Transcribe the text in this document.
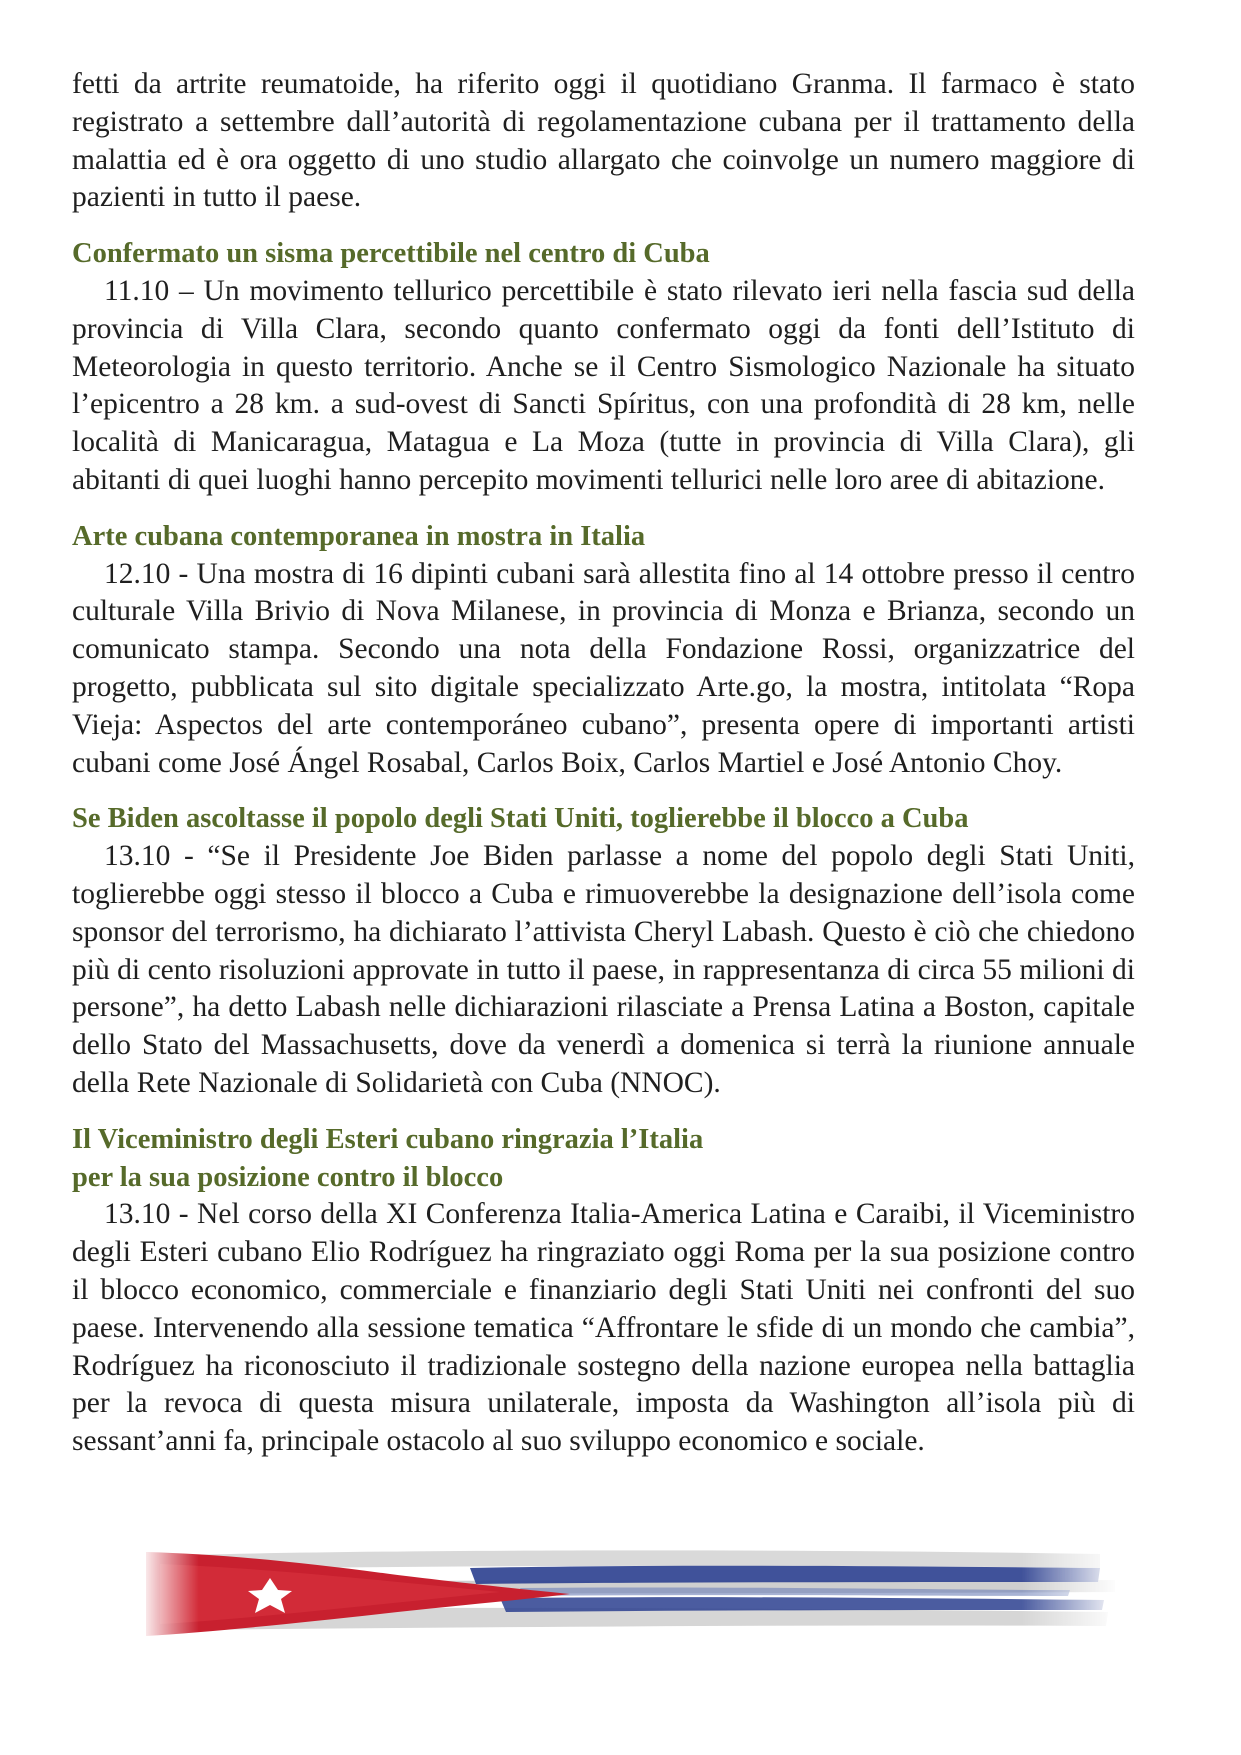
fetti da artrite reumatoide, ha riferito oggi il quotidiano Granma. Il farmaco è stato registrato a settembre dall’autorità di regolamentazione cubana per il trattamento della malattia ed è ora oggetto di uno studio allargato che coinvolge un numero maggiore di pazienti in tutto il paese.

Confermato un sisma percettibile nel centro di Cuba

11.10 – Un movimento tellurico percettibile è stato rilevato ieri nella fascia sud della provincia di Villa Clara, secondo quanto confermato oggi da fonti dell’Istituto di Meteorologia in questo territorio. Anche se il Centro Sismologico Nazionale ha situato l’epicentro a 28 km. a sud-ovest di Sancti Spíritus, con una profondità di 28 km, nelle località di Manicaragua, Matagua e La Moza (tutte in provincia di Villa Clara), gli abitanti di quei luoghi hanno percepito movimenti tellurici nelle loro aree di abitazione.

Arte cubana contemporanea in mostra in Italia

12.10 - Una mostra di 16 dipinti cubani sarà allestita fino al 14 ottobre presso il centro culturale Villa Brivio di Nova Milanese, in provincia di Monza e Brianza, secondo un comunicato stampa. Secondo una nota della Fondazione Rossi, organizzatrice del progetto, pubblicata sul sito digitale specializzato Arte.go, la mostra, intitolata “Ropa Vieja: Aspectos del arte contemporáneo cubano”, presenta opere di importanti artisti cubani come José Ángel Rosabal, Carlos Boix, Carlos Martiel e José Antonio Choy.

Se Biden ascoltasse il popolo degli Stati Uniti, toglierebbe il blocco a Cuba

13.10 - “Se il Presidente Joe Biden parlasse a nome del popolo degli Stati Uniti, toglierebbe oggi stesso il blocco a Cuba e rimuoverebbe la designazione dell’isola come sponsor del terrorismo, ha dichiarato l’attivista Cheryl Labash. Questo è ciò che chiedono più di cento risoluzioni approvate in tutto il paese, in rappresentanza di circa 55 milioni di persone”, ha detto Labash nelle dichiarazioni rilasciate a Prensa Latina a Boston, capitale dello Stato del Massachusetts, dove da venerdì a domenica si terrà la riunione annuale della Rete Nazionale di Solidarietà con Cuba (NNOC).

Il Viceministro degli Esteri cubano ringrazia l’Italia
per la sua posizione contro il blocco

13.10 - Nel corso della XI Conferenza Italia-America Latina e Caraibi, il Viceministro degli Esteri cubano Elio Rodríguez ha ringraziato oggi Roma per la sua posizione contro il blocco economico, commerciale e finanziario degli Stati Uniti nei confronti del suo paese. Intervenendo alla sessione tematica “Affrontare le sfide di un mondo che cambia”, Rodríguez ha riconosciuto il tradizionale sostegno della nazione europea nella battaglia per la revoca di questa misura unilaterale, imposta da Washington all’isola più di sessant’anni fa, principale ostacolo al suo sviluppo economico e sociale.
